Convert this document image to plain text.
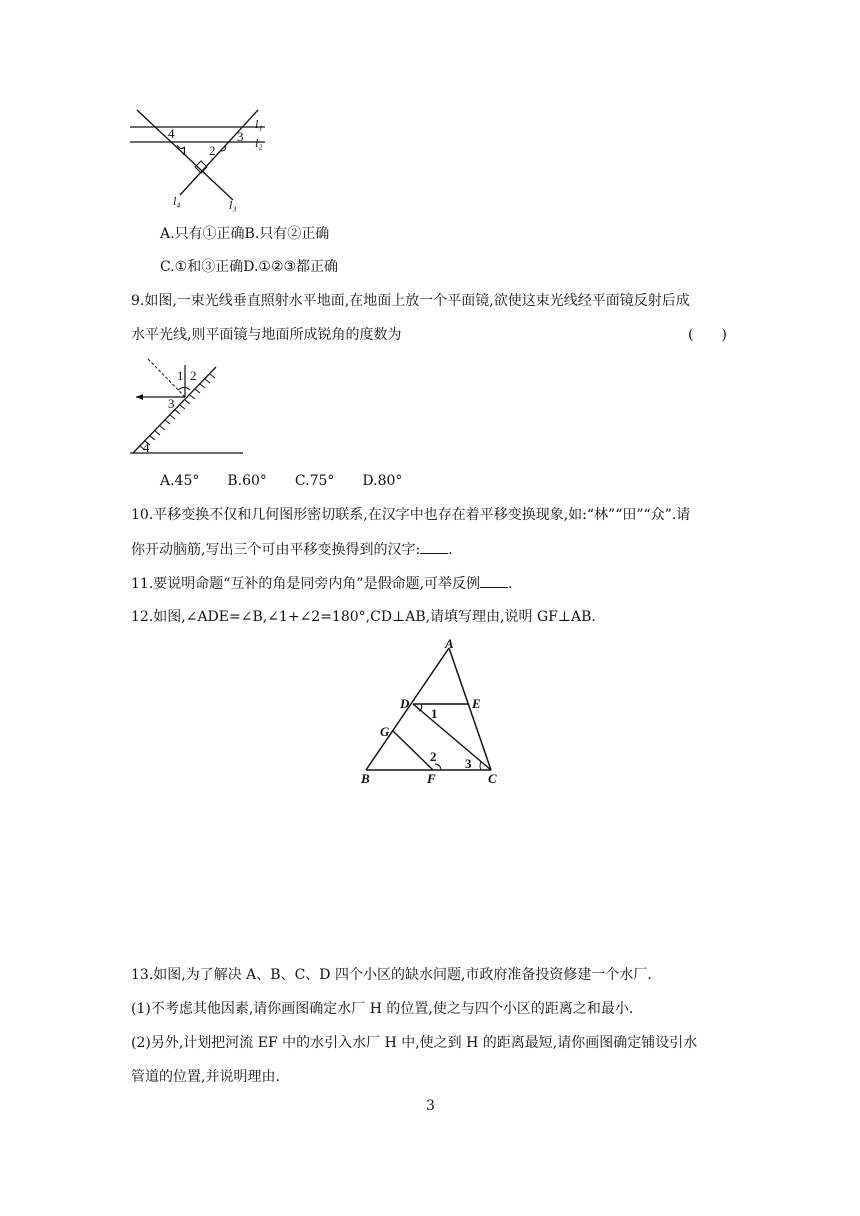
l₁
l₂
l₃
l₄
4
1 2
3
A.只有①正确B.只有②正确
C.①和③正确D.①②③都正确
9.如图,一束光线垂直照射水平地面,在地面上放一个平面镜,欲使这束光线经平面镜反射后成
水平光线,则平面镜与地面所成锐角的度数为	(　　)
1 2
3
4
A.45°　　B.60°　　C.75°　　D.80°
10.平移变换不仅和几何图形密切联系,在汉字中也存在着平移变换现象,如:“林”“田”“众”.请
你开动脑筋,写出三个可由平移变换得到的汉字: .
11.要说明命题“互补的角是同旁内角”是假命题,可举反例 .
12.如图,∠ADE=∠B,∠1+∠2=180°,CD⊥AB,请填写理由,说明 GF⊥AB.
A
D	E
G
B	F	C
1
2 3
13.如图,为了解决 A、B、C、D 四个小区的缺水问题,市政府准备投资修建一个水厂.
(1)不考虑其他因素,请你画图确定水厂 H 的位置,使之与四个小区的距离之和最小.
(2)另外,计划把河流 EF 中的水引入水厂 H 中,使之到 H 的距离最短,请你画图确定铺设引水
管道的位置,并说明理由.
3
